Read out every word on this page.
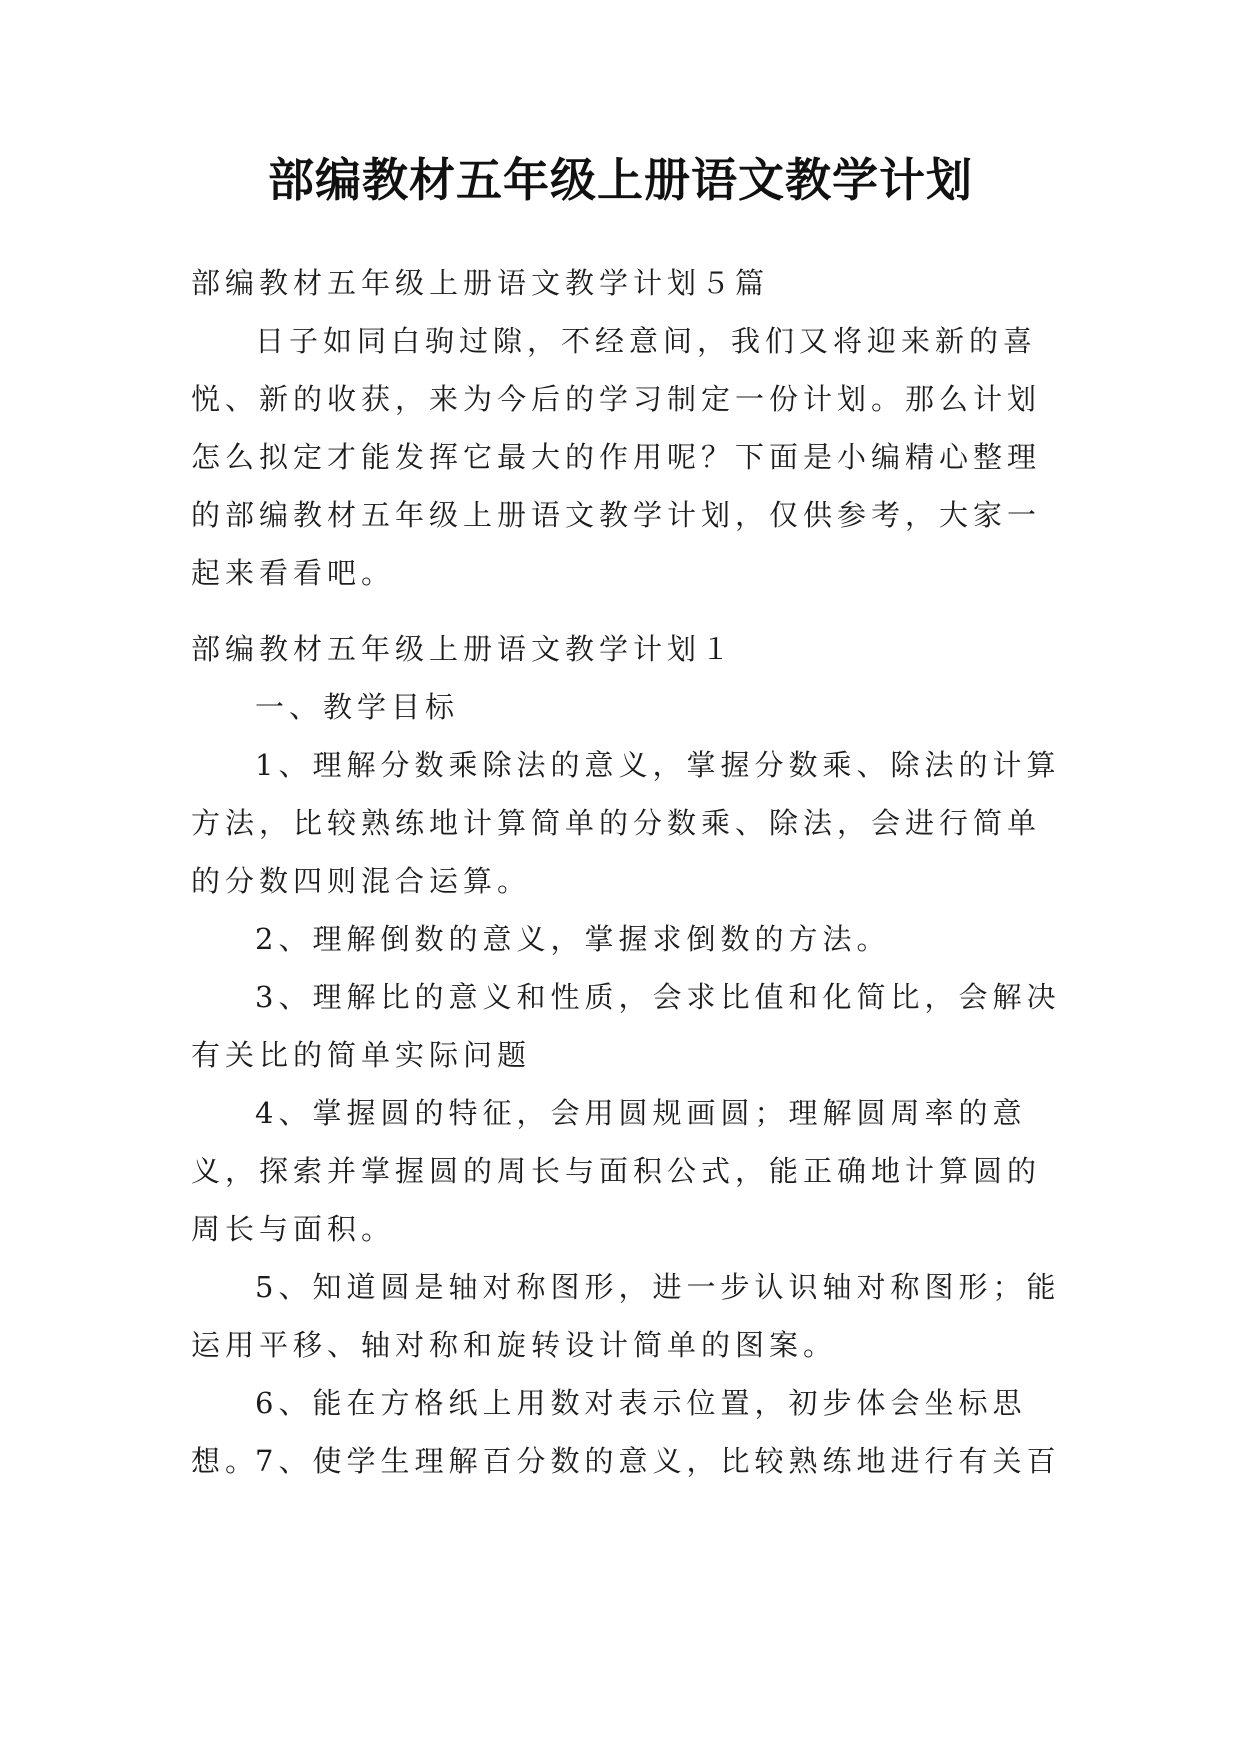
部编教材五年级上册语文教学计划

部编教材五年级上册语文教学计划５篇

日子如同白驹过隙，不经意间，我们又将迎来新的喜悦、新的收获，来为今后的学习制定一份计划。那么计划怎么拟定才能发挥它最大的作用呢？下面是小编精心整理的部编教材五年级上册语文教学计划，仅供参考，大家一起来看看吧。

部编教材五年级上册语文教学计划１

一、教学目标

1、理解分数乘除法的意义，掌握分数乘、除法的计算方法，比较熟练地计算简单的分数乘、除法，会进行简单的分数四则混合运算。

2、理解倒数的意义，掌握求倒数的方法。

3、理解比的意义和性质，会求比值和化简比，会解决有关比的简单实际问题

4、掌握圆的特征，会用圆规画圆；理解圆周率的意义，探索并掌握圆的周长与面积公式，能正确地计算圆的周长与面积。

5、知道圆是轴对称图形，进一步认识轴对称图形；能运用平移、轴对称和旋转设计简单的图案。

6、能在方格纸上用数对表示位置，初步体会坐标思想。

7、使学生理解百分数的意义，比较熟练地进行有关百
